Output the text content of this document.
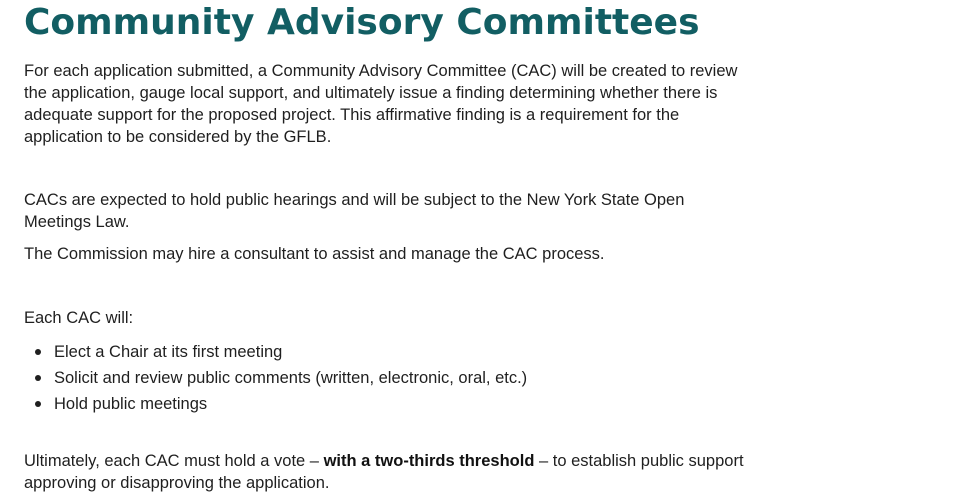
Community Advisory Committees

For each application submitted, a Community Advisory Committee (CAC) will be created to review the application, gauge local support, and ultimately issue a finding determining whether there is adequate support for the proposed project. This affirmative finding is a requirement for the application to be considered by the GFLB.

CACs are expected to hold public hearings and will be subject to the New York State Open Meetings Law.

The Commission may hire a consultant to assist and manage the CAC process.

Each CAC will:

Elect a Chair at its first meeting
Solicit and review public comments (written, electronic, oral, etc.)
Hold public meetings

Ultimately, each CAC must hold a vote – with a two-thirds threshold – to establish public support approving or disapproving the application.
